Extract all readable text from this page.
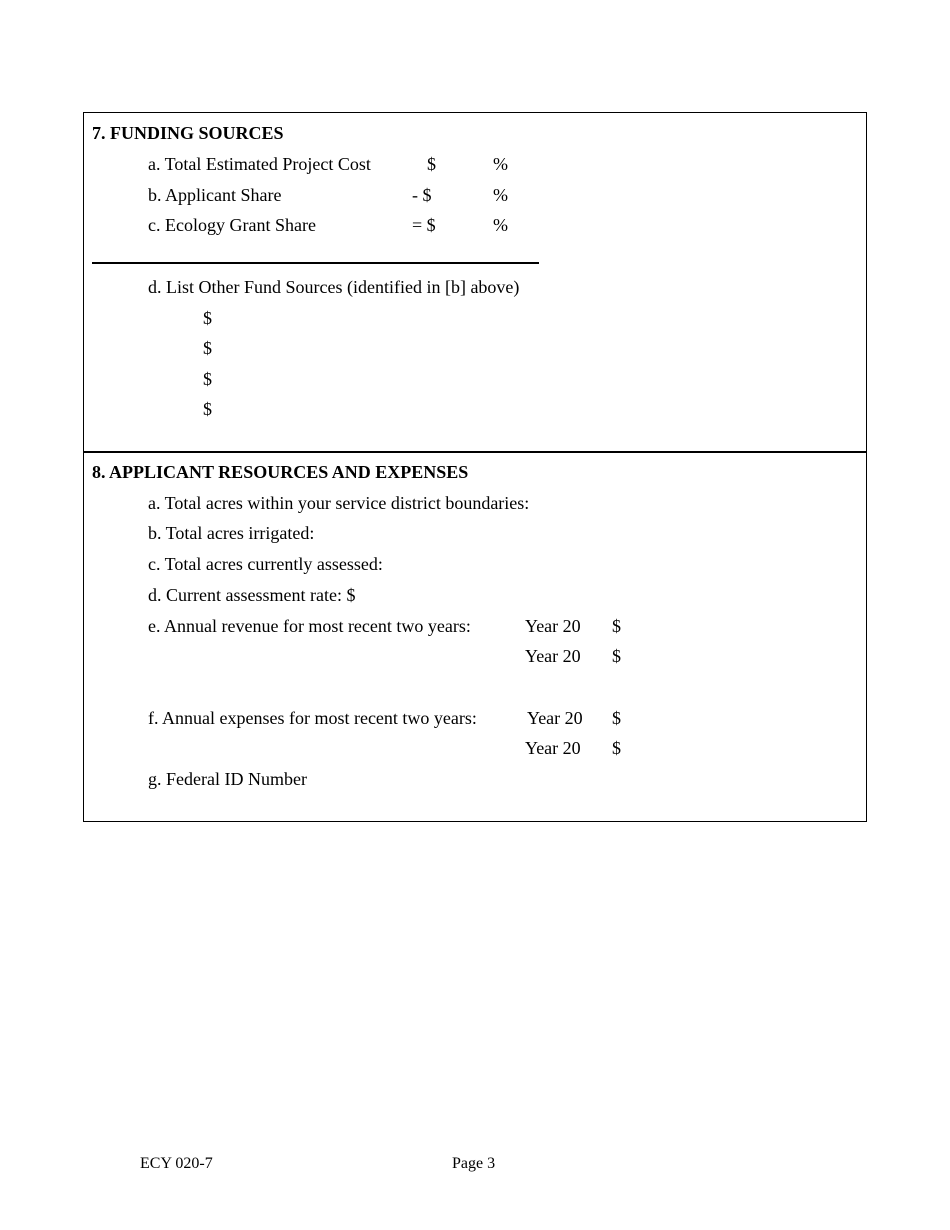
7. FUNDING SOURCES
a. Total Estimated Project Cost	$	%
b. Applicant Share	- $	%
c. Ecology Grant Share	= $	%
d. List Other Fund Sources (identified in [b] above)
$
$
$
$
8. APPLICANT RESOURCES AND EXPENSES
a. Total acres within your service district boundaries:
b. Total acres irrigated:
c. Total acres currently assessed:
d. Current assessment rate: $
e. Annual revenue for most recent two years:	Year 20 $
Year 20 $
f. Annual expenses for most recent two years:	Year 20 $
Year 20 $
g. Federal ID Number
ECY 020-7	Page 3
